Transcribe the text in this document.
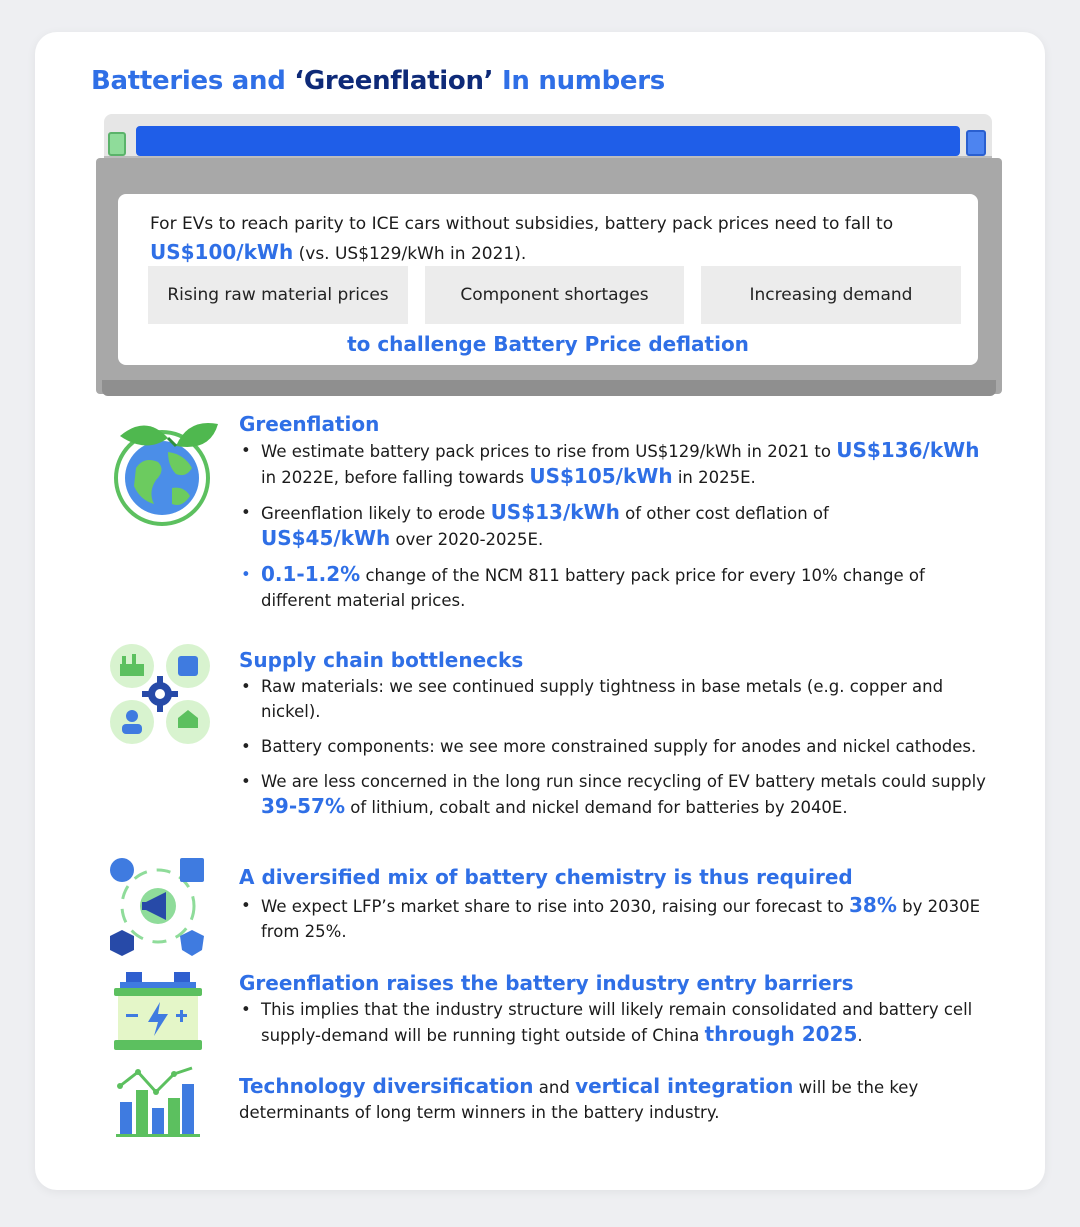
Batteries and ‘Greenflation’ In numbers
For EVs to reach parity to ICE cars without subsidies, battery pack prices need to fall to
US$100/kWh (vs. US$129/kWh in 2021).
Rising raw material prices	Component shortages	Increasing demand
to challenge Battery Price deflation
Greenflation
• We estimate battery pack prices to rise from US$129/kWh in 2021 to US$136/kWh in 2022E, before falling towards US$105/kWh in 2025E.
• Greenflation likely to erode US$13/kWh of other cost deflation of
US$45/kWh over 2020-2025E.
• 0.1-1.2% change of the NCM 811 battery pack price for every 10% change of different material prices.
Supply chain bottlenecks
• Raw materials: we see continued supply tightness in base metals (e.g. copper and nickel).
• Battery components: we see more constrained supply for anodes and nickel cathodes.
• We are less concerned in the long run since recycling of EV battery metals could supply 39-57% of lithium, cobalt and nickel demand for batteries by 2040E.
A diversified mix of battery chemistry is thus required
• We expect LFP’s market share to rise into 2030, raising our forecast to 38% by 2030E from 25%.
Greenflation raises the battery industry entry barriers
• This implies that the industry structure will likely remain consolidated and battery cell supply-demand will be running tight outside of China through 2025.
Technology diversification and vertical integration will be the key determinants of long term winners in the battery industry.
